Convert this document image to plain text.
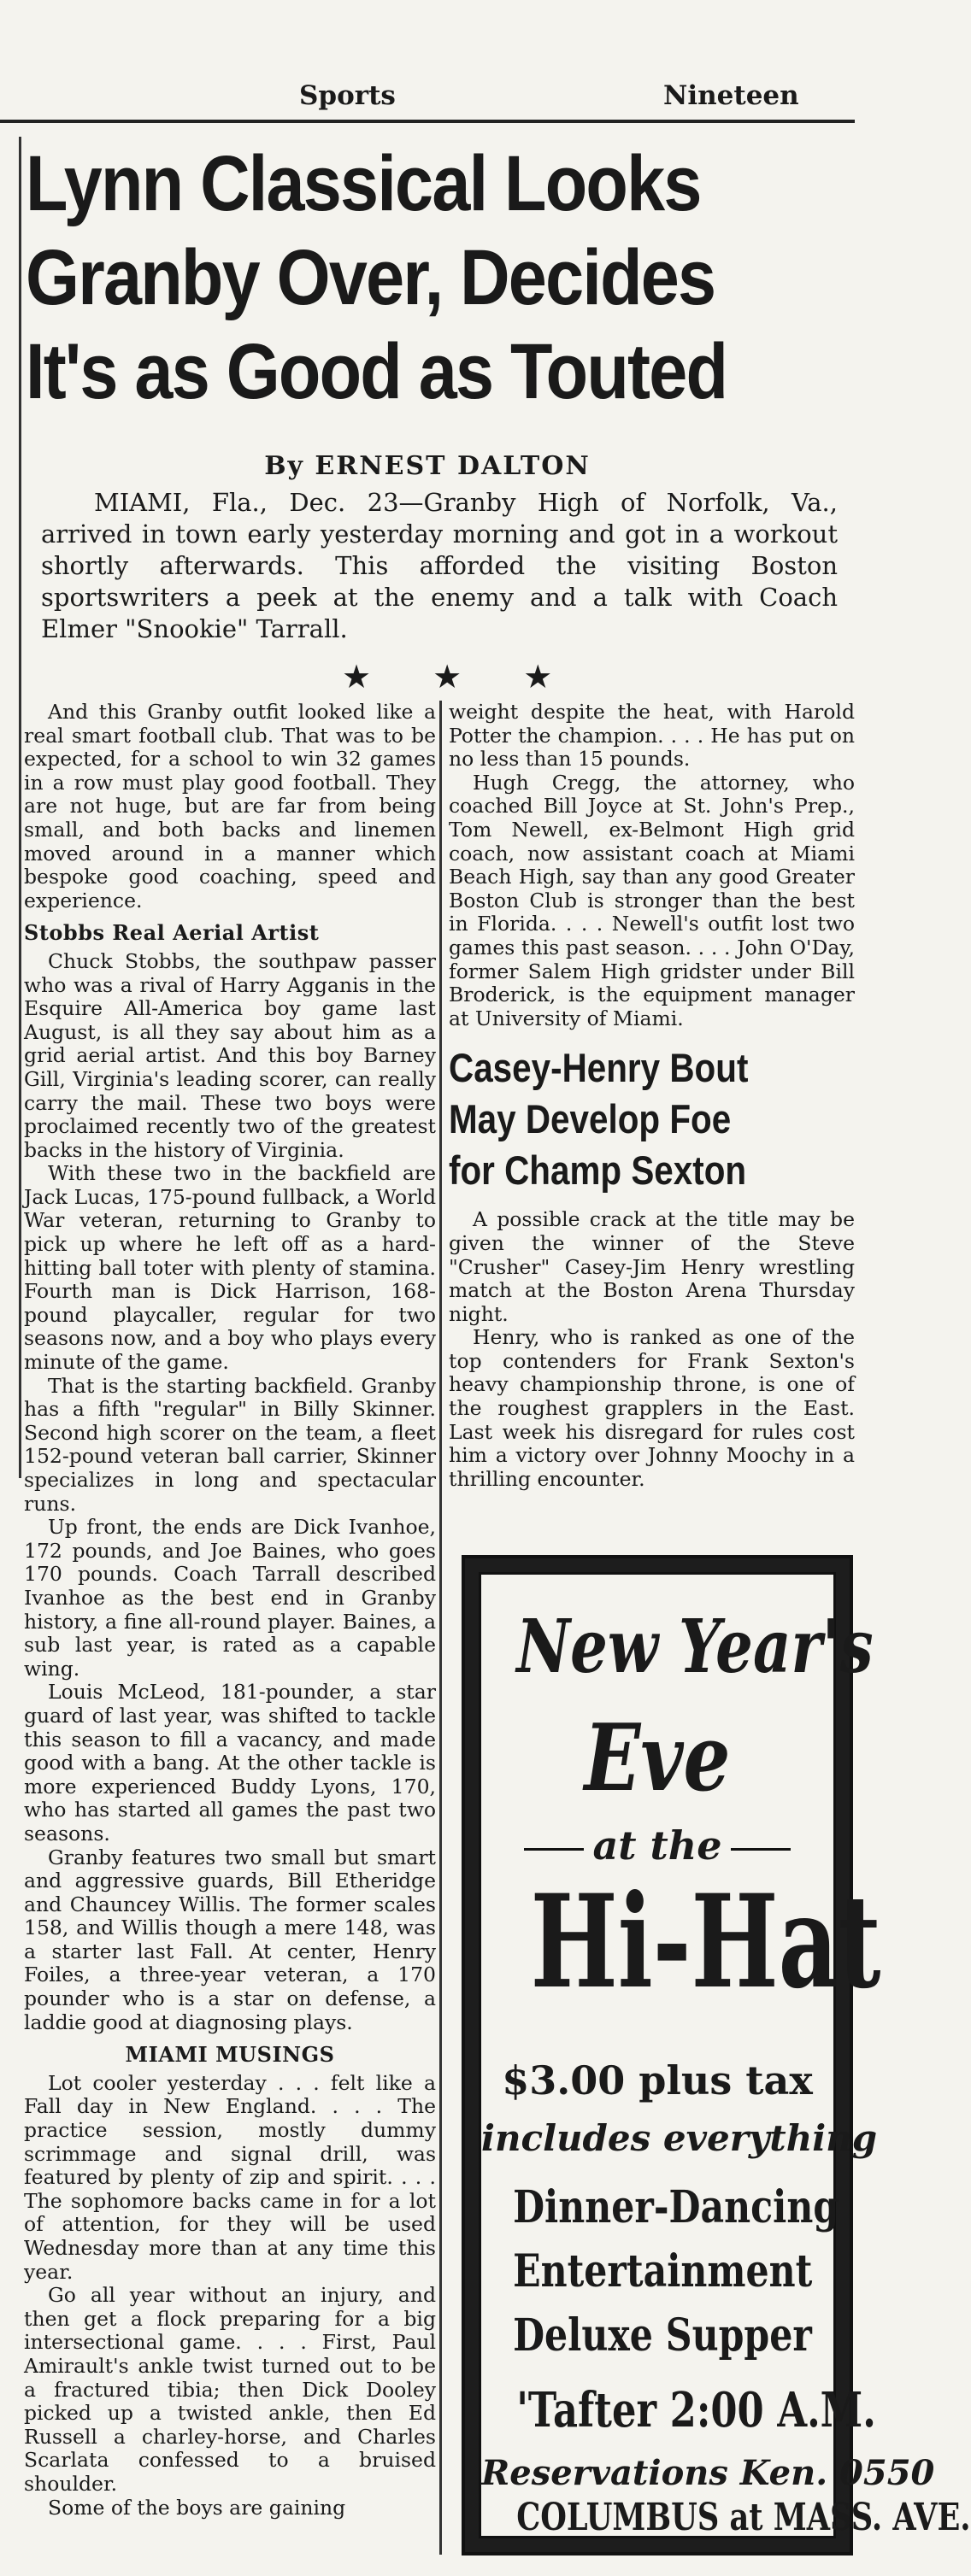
Sports	Nineteen
Lynn Classical Looks
Granby Over, Decides
It's as Good as Touted
By ERNEST DALTON

MIAMI, Fla., Dec. 23—Granby High of Norfolk, Va., arrived in town early yesterday morning and got in a workout shortly afterwards. This afforded the visiting Boston sportswriters a peek at the enemy and a talk with Coach Elmer "Snookie" Tarrall.

★ ★ ★

And this Granby outfit looked like a real smart football club. That was to be expected, for a school to win 32 games in a row must play good football. They are not huge, but are far from being small, and both backs and linemen moved around in a manner which bespoke good coaching, speed and experience.

Stobbs Real Aerial Artist

Chuck Stobbs, the southpaw passer who was a rival of Harry Agganis in the Esquire All-America boy game last August, is all they say about him as a grid aerial artist. And this boy Barney Gill, Virginia's leading scorer, can really carry the mail. These two boys were proclaimed recently two of the greatest backs in the history of Virginia.

With these two in the backfield are Jack Lucas, 175-pound fullback, a World War veteran, returning to Granby to pick up where he left off as a hard-hitting ball toter with plenty of stamina. Fourth man is Dick Harrison, 168-pound playcaller, regular for two seasons now, and a boy who plays every minute of the game.

That is the starting backfield. Granby has a fifth "regular" in Billy Skinner. Second high scorer on the team, a fleet 152-pound veteran ball carrier, Skinner specializes in long and spectacular runs.

Up front, the ends are Dick Ivanhoe, 172 pounds, and Joe Baines, who goes 170 pounds. Coach Tarrall described Ivanhoe as the best end in Granby history, a fine all-round player. Baines, a sub last year, is rated as a capable wing.

Louis McLeod, 181-pounder, a star guard of last year, was shifted to tackle this season to fill a vacancy, and made good with a bang. At the other tackle is more experienced Buddy Lyons, 170, who has started all games the past two seasons.

Granby features two small but smart and aggressive guards, Bill Etheridge and Chauncey Willis. The former scales 158, and Willis though a mere 148, was a starter last Fall. At center, Henry Foiles, a three-year veteran, a 170 pounder who is a star on defense, a laddie good at diagnosing plays.

MIAMI MUSINGS

Lot cooler yesterday . . . felt like a Fall day in New England. . . . The practice session, mostly dummy scrimmage and signal drill, was featured by plenty of zip and spirit. . . . The sophomore backs came in for a lot of attention, for they will be used Wednesday more than at any time this year.

Go all year without an injury, and then get a flock preparing for a big intersectional game. . . . First, Paul Amirault's ankle twist turned out to be a fractured tibia; then Dick Dooley picked up a twisted ankle, then Ed Russell a charley-horse, and Charles Scarlata confessed to a bruised shoulder.

Some of the boys are gaining

weight despite the heat, with Harold Potter the champion. . . . He has put on no less than 15 pounds.

Hugh Cregg, the attorney, who coached Bill Joyce at St. John's Prep., Tom Newell, ex-Belmont High grid coach, now assistant coach at Miami Beach High, say than any good Greater Boston Club is stronger than the best in Florida. . . . Newell's outfit lost two games this past season. . . . John O'Day, former Salem High gridster under Bill Broderick, is the equipment manager at University of Miami.

Casey-Henry Bout
May Develop Foe
for Champ Sexton

A possible crack at the title may be given the winner of the Steve "Crusher" Casey-Jim Henry wrestling match at the Boston Arena Thursday night.

Henry, who is ranked as one of the top contenders for Frank Sexton's heavy championship throne, is one of the roughest grapplers in the East. Last week his disregard for rules cost him a victory over Johnny Moochy in a thrilling encounter.

New Year's
Eve
at the
Hi-Hat
$3.00 plus tax
includes everything
Dinner-Dancing
Entertainment
Deluxe Supper
'Tafter 2:00 A.M.
Reservations Ken. 0550
COLUMBUS at MASS. AVE.
